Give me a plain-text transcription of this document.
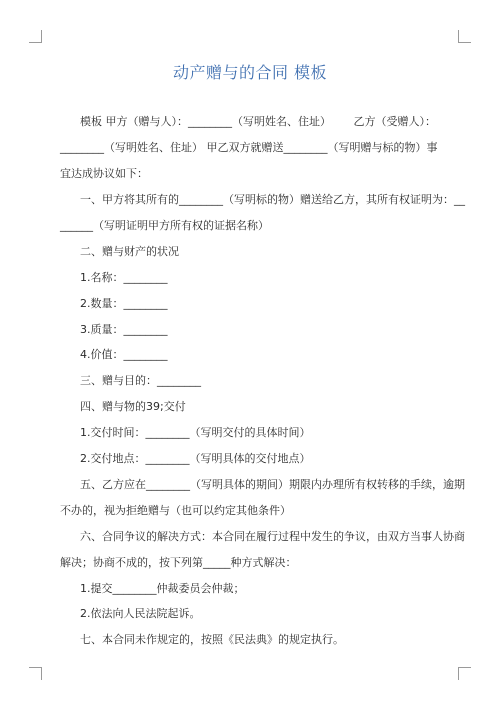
动产赠与的合同 模板
模板 甲方（赠与人）：________（写明姓名、住址） 乙方（受赠人）：
________（写明姓名、住址） 甲乙双方就赠送________（写明赠与标的物）事
宜达成协议如下：
一、甲方将其所有的________（写明标的物）赠送给乙方，其所有权证明为：__
______（写明证明甲方所有权的证据名称）
二、赠与财产的状况
1.名称：________
2.数量：________
3.质量：________
4.价值：________
三、赠与目的：________
四、赠与物的39;交付
1.交付时间：________（写明交付的具体时间）
2.交付地点：________（写明具体的交付地点）
五、乙方应在________（写明具体的期间）期限内办理所有权转移的手续，逾期
不办的，视为拒绝赠与（也可以约定其他条件）
六、合同争议的解决方式：本合同在履行过程中发生的争议，由双方当事人协商
解决；协商不成的，按下列第_____种方式解决：
1.提交________仲裁委员会仲裁；
2.依法向人民法院起诉。
七、本合同未作规定的，按照《民法典》的规定执行。
